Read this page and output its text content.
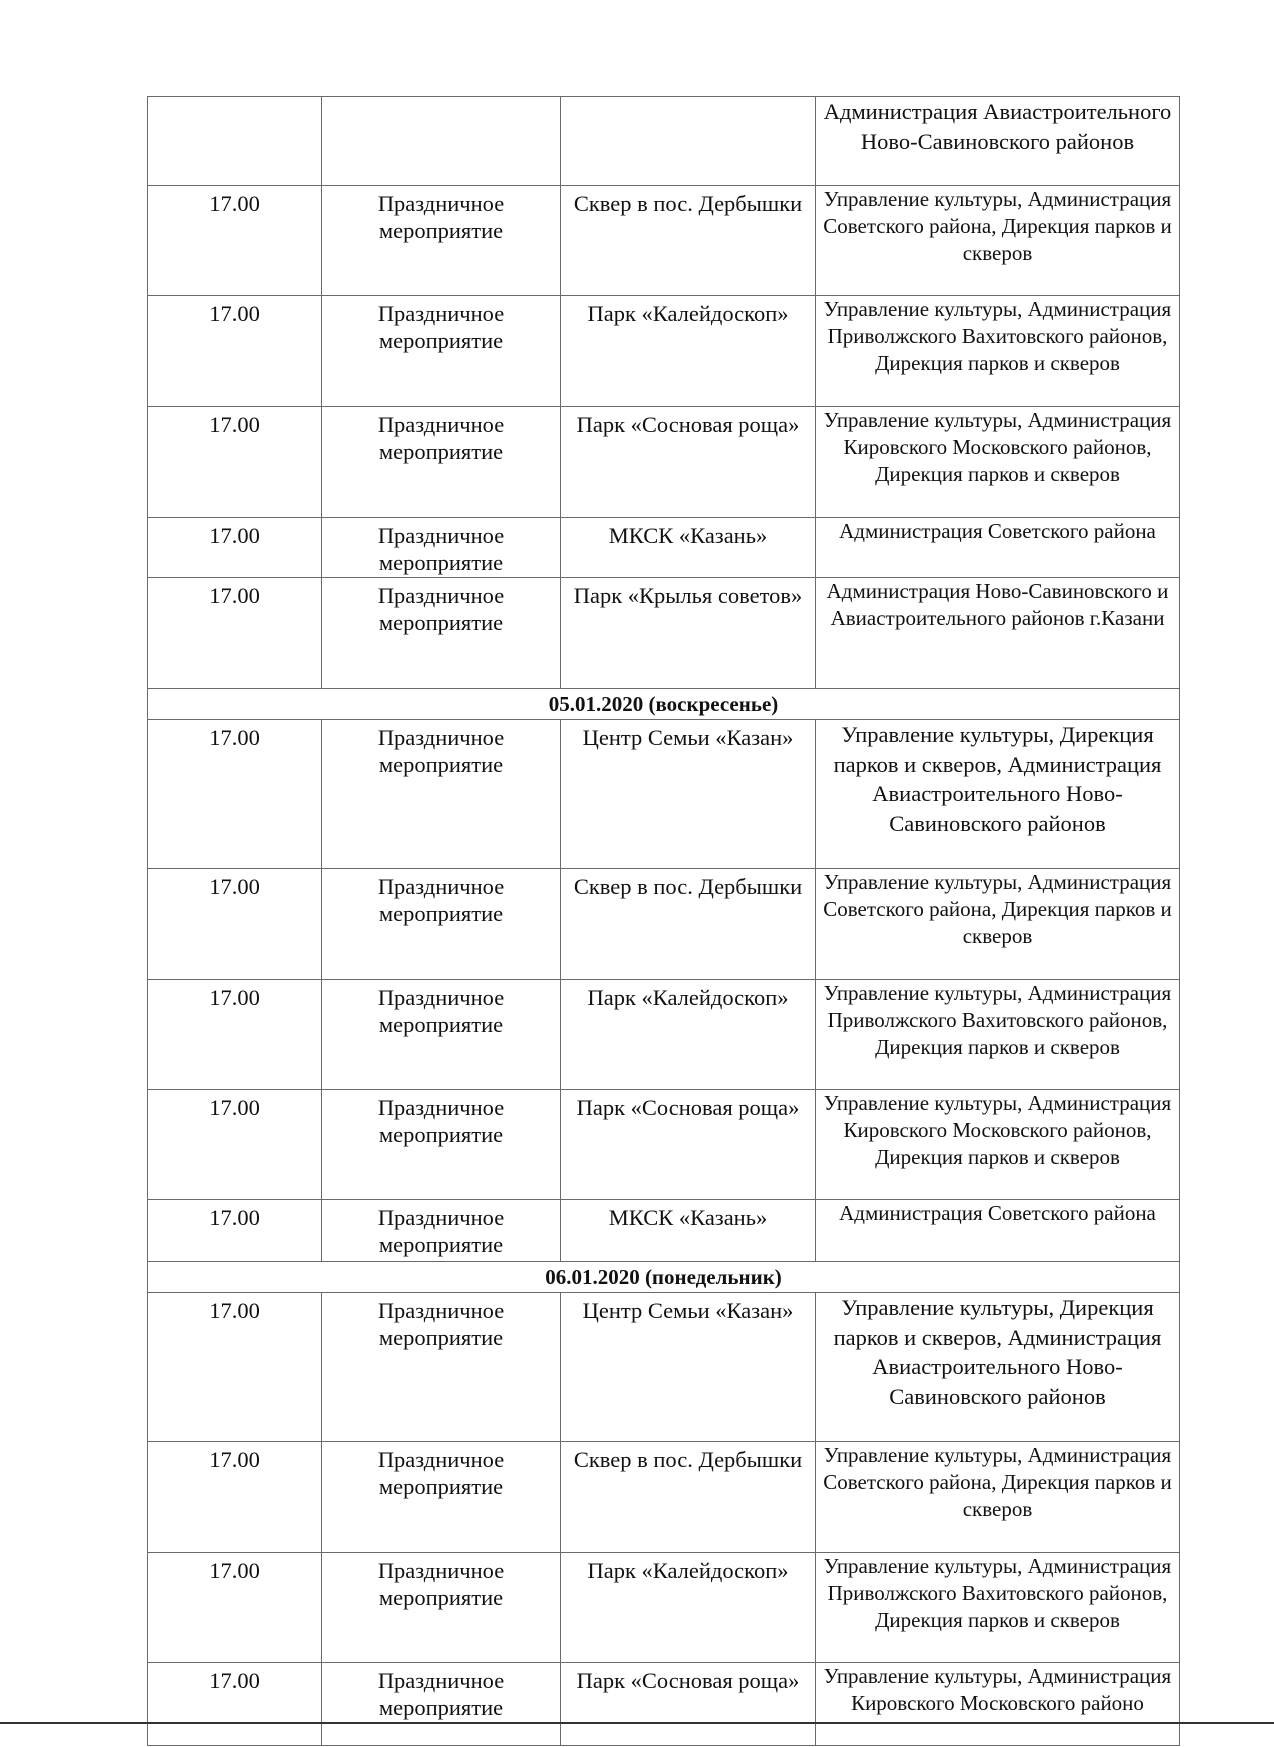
			Администрация Авиастроительного Ново-Савиновского районов
17.00	Праздничное мероприятие	Сквер в пос. Дербышки	Управление культуры, Администрация Советского района, Дирекция парков и скверов
17.00	Праздничное мероприятие	Парк «Калейдоскоп»	Управление культуры, Администрация Приволжского Вахитовского районов, Дирекция парков и скверов
17.00	Праздничное мероприятие	Парк «Сосновая роща»	Управление культуры, Администрация Кировского Московского районов, Дирекция парков и скверов
17.00	Праздничное мероприятие	МКСК «Казань»	Администрация Советского района
17.00	Праздничное мероприятие	Парк «Крылья советов»	Администрация Ново-Савиновского и Авиастроительного районов г.Казани
05.01.2020 (воскресенье)			
17.00	Праздничное мероприятие	Центр Семьи «Казан»	Управление культуры, Дирекция парков и скверов, Администрация Авиастроительного Ново-Савиновского районов
17.00	Праздничное мероприятие	Сквер в пос. Дербышки	Управление культуры, Администрация Советского района, Дирекция парков и скверов
17.00	Праздничное мероприятие	Парк «Калейдоскоп»	Управление культуры, Администрация Приволжского Вахитовского районов, Дирекция парков и скверов
17.00	Праздничное мероприятие	Парк «Сосновая роща»	Управление культуры, Администрация Кировского Московского районов, Дирекция парков и скверов
17.00	Праздничное мероприятие	МКСК «Казань»	Администрация Советского района
06.01.2020 (понедельник)			
17.00	Праздничное мероприятие	Центр Семьи «Казан»	Управление культуры, Дирекция парков и скверов, Администрация Авиастроительного Ново-Савиновского районов
17.00	Праздничное мероприятие	Сквер в пос. Дербышки	Управление культуры, Администрация Советского района, Дирекция парков и скверов
17.00	Праздничное мероприятие	Парк «Калейдоскоп»	Управление культуры, Администрация Приволжского Вахитовского районов, Дирекция парков и скверов
17.00	Праздничное мероприятие	Парк «Сосновая роща»	Управление культуры, Администрация Кировского Московского районо
